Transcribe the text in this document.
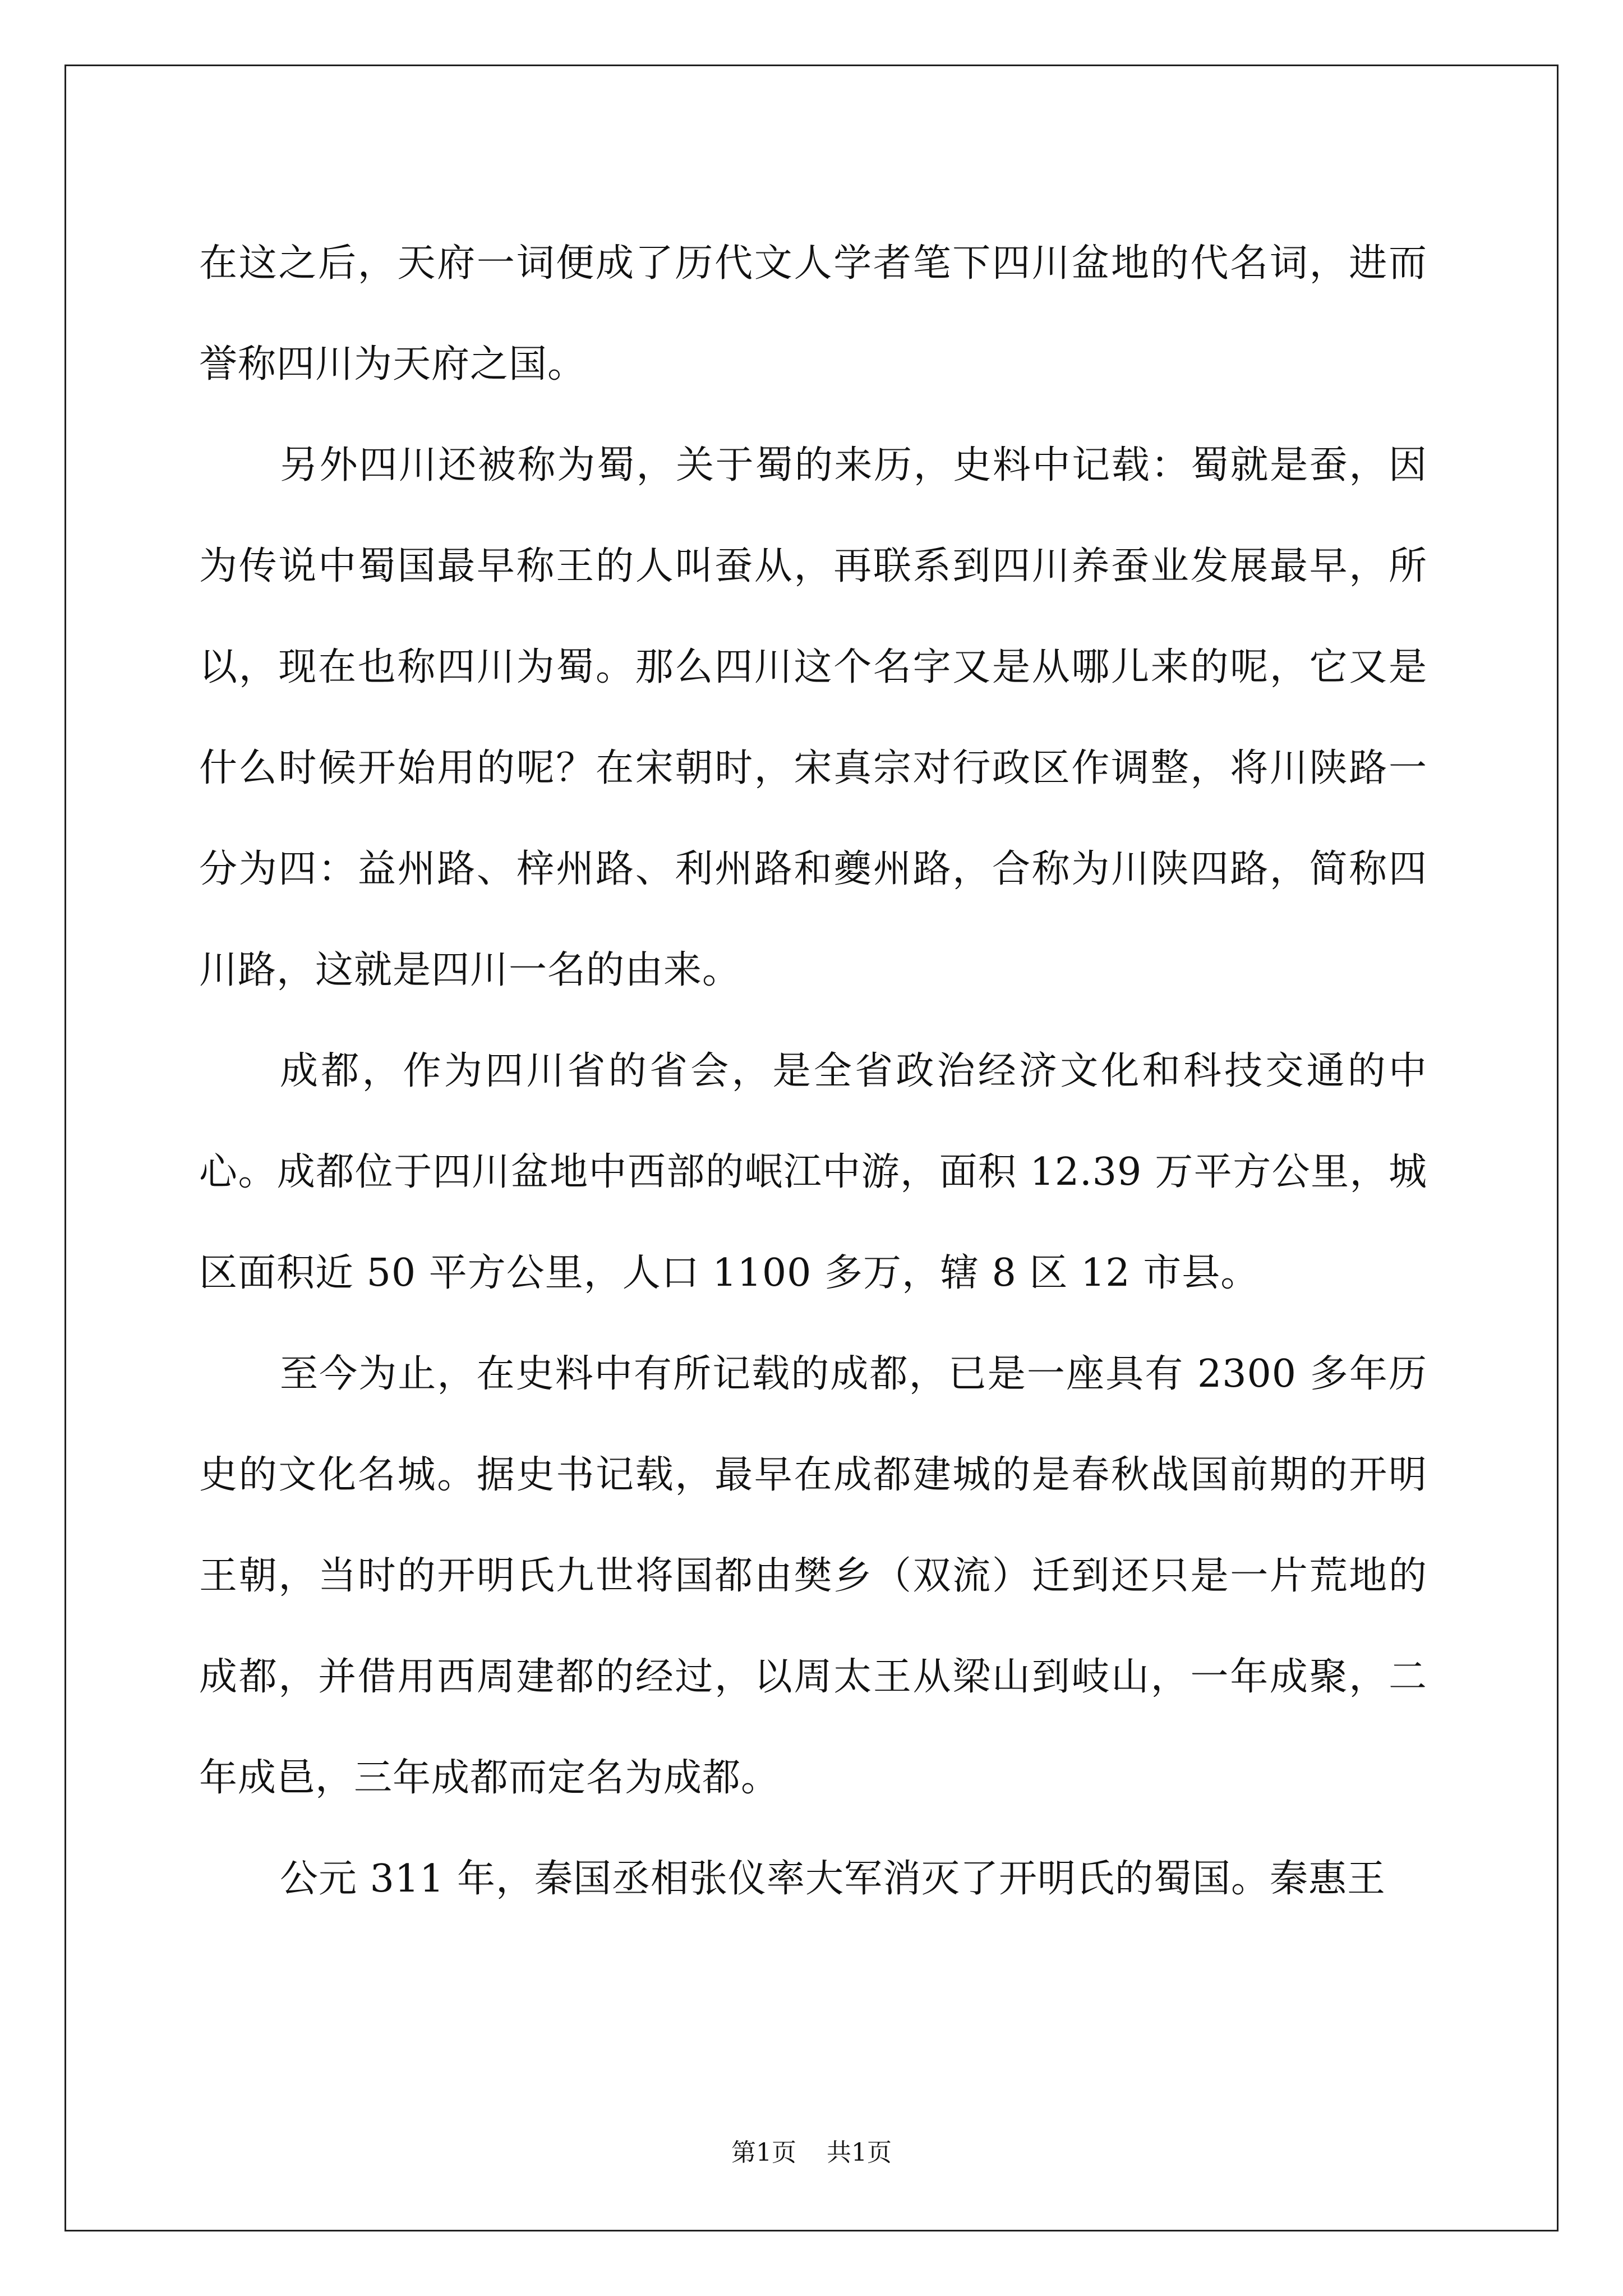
在这之后，天府一词便成了历代文人学者笔下四川盆地的代名词，进而誉称四川为天府之国。

另外四川还被称为蜀，关于蜀的来历，史料中记载：蜀就是蚕，因为传说中蜀国最早称王的人叫蚕从，再联系到四川养蚕业发展最早，所以，现在也称四川为蜀。那么四川这个名字又是从哪儿来的呢，它又是什么时候开始用的呢？在宋朝时，宋真宗对行政区作调整，将川陕路一分为四：益州路、梓州路、利州路和夔州路，合称为川陕四路，简称四川路，这就是四川一名的由来。

成都，作为四川省的省会，是全省政治经济文化和科技交通的中心。成都位于四川盆地中西部的岷江中游，面积 12.39 万平方公里，城区面积近 50 平方公里，人口 1100 多万，辖 8 区 12 市县。

至今为止，在史料中有所记载的成都，已是一座具有 2300 多年历史的文化名城。据史书记载，最早在成都建城的是春秋战国前期的开明王朝，当时的开明氏九世将国都由樊乡（双流）迁到还只是一片荒地的成都，并借用西周建都的经过，以周太王从梁山到岐山，一年成聚，二年成邑，三年成都而定名为成都。

公元 311 年，秦国丞相张仪率大军消灭了开明氏的蜀国。秦惠王

第1页 共1页
